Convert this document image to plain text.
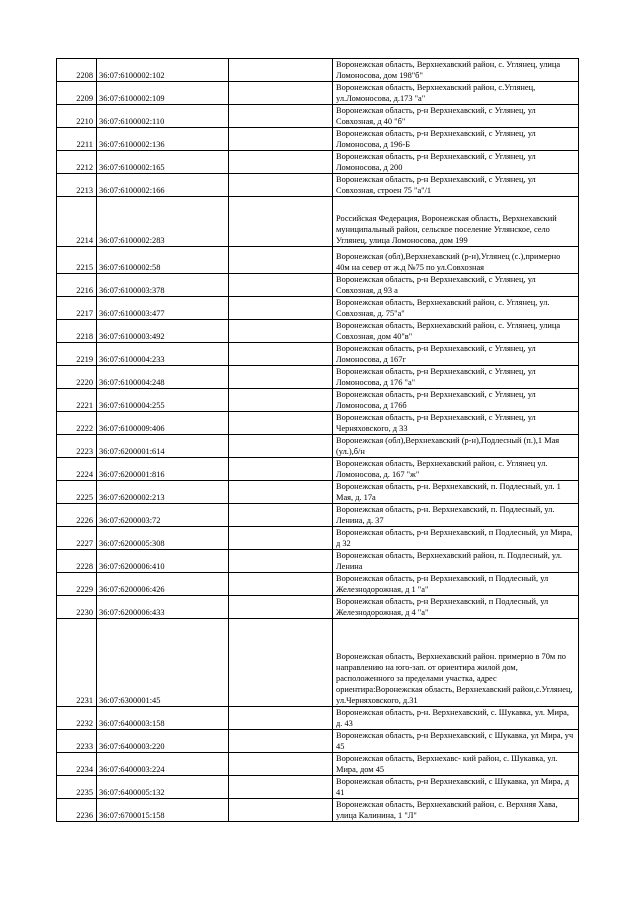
2208	36:07:6100002:102		Воронежская область, Верхнехавский район, с. Углянец, улица Ломоносова, дом 198"б"
2209	36:07:6100002:109		Воронежская область, Верхнехавский район, с.Углянец, ул.Ломоносова, д.173 "а"
2210	36:07:6100002:110		Воронежская область, р-н Верхнехавский, с Углянец, ул Совхозная, д 40 "б"
2211	36:07:6100002:136		Воронежская область, р-н Верхнехавский, с Углянец, ул Ломоносова, д 196-Б
2212	36:07:6100002:165		Воронежская область, р-н Верхнехавский, с Углянец, ул Ломоносова, д 200
2213	36:07:6100002:166		Воронежская область, р-н Верхнехавский, с Углянец, ул Совхозная, строен 75 "а"/1
2214	36:07:6100002:283		Российская Федерация, Воронежская область, Верхнехавский муниципальный район, сельское поселение Углянское, село Углянец, улица Ломоносова, дом 199
2215	36:07:6100002:58		Воронежская (обл),Верхнехавский (р-н),Углянец (с.),примерно 40м на север от ж.д №75 по ул.Совхозная
2216	36:07:6100003:378		Воронежская область, р-н Верхнехавский, с Углянец, ул Совхозная, д 93 а
2217	36:07:6100003:477		Воронежская область, Верхнехавский район, с. Углянец, ул. Совхозная, д. 75"а"
2218	36:07:6100003:492		Воронежская область, Верхнехавский район, с. Углянец, улица Совхозная, дом 40"в"
2219	36:07:6100004:233		Воронежская область, р-н Верхнехавский, с Углянец, ул Ломоносова, д 167г
2220	36:07:6100004:248		Воронежская область, р-н Верхнехавский, с Углянец, ул Ломоносова, д 176 "а"
2221	36:07:6100004:255		Воронежская область, р-н Верхнехавский, с Углянец, ул Ломоносова, д 176б
2222	36:07:6100009:406		Воронежская область, р-н Верхнехавский, с Углянец, ул Черняховского, д 33
2223	36:07:6200001:614		Воронежская (обл),Верхнехавский (р-н),Подлесный (п.),1 Мая (ул.),б/н
2224	36:07:6200001:816		Воронежская область, Верхнехавский район, с. Углянец ул. Ломоносова, д. 167 "ж"
2225	36:07:6200002:213		Воронежская область, р-н. Верхнехавский, п. Подлесный, ул. 1 Мая, д. 17а
2226	36:07:6200003:72		Воронежская область, р-н. Верхнехавский, п. Подлесный, ул. Ленина, д. 37
2227	36:07:6200005:308		Воронежская область, р-н Верхнехавский, п Подлесный, ул Мира, д 32
2228	36:07:6200006:410		Воронежская область, Верхнехавский район, п. Подлесный, ул. Ленина
2229	36:07:6200006:426		Воронежская область, р-н Верхнехавский, п Подлесный, ул Железнодорожная, д 1 "а"
2230	36:07:6200006:433		Воронежская область, р-н Верхнехавский, п Подлесный, ул Железнодорожная, д 4 "а"
2231	36:07:6300001:45		Воронежская область, Верхнехавский район. примерно в 70м по направлению на юго-зап. от ориентира жилой дом, расположенного за пределами участка, адрес ориентира:Воронежская область, Верхнехавский район,с.Углянец, ул.Черняховского, д.31
2232	36:07:6400003:158		Воронежская область, р-н. Верхнехавский, с. Шукавка, ул. Мира, д. 43
2233	36:07:6400003:220		Воронежская область, р-н Верхнехавский, с Шукавка, ул Мира, уч 45
2234	36:07:6400003:224		Воронежская область, Верхнехавс- кий район, с. Шукавка, ул. Мира, дом 45
2235	36:07:6400005:132		Воронежская область, р-н Верхнехавский, с Шукавка, ул Мира, д 41
2236	36:07:6700015:158		Воронежская область, Верхнехавский район, с. Верхняя Хава, улица Калинина, 1 "Л"
